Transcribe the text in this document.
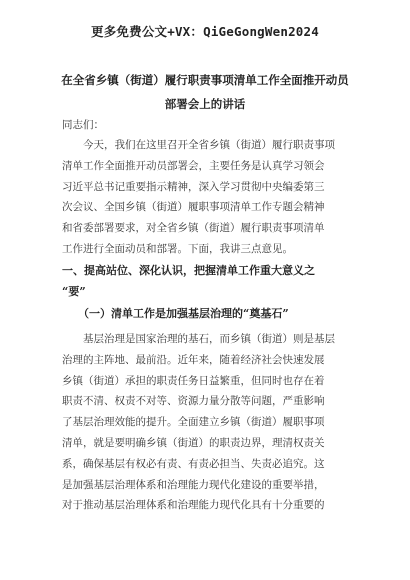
更多免费公文+VX：QiGeGongWen2024
在全省乡镇（街道）履行职责事项清单工作全面推开动员
部署会上的讲话
同志们：
今天，我们在这里召开全省乡镇（街道）履行职责事项
清单工作全面推开动员部署会，主要任务是认真学习领会
习近平总书记重要指示精神，深入学习贯彻中央编委第三
次会议、全国乡镇（街道）履职事项清单工作专题会精神
和省委部署要求，对全省乡镇（街道）履行职责事项清单
工作进行全面动员和部署。下面，我讲三点意见。
一、提高站位、深化认识，把握清单工作重大意义之
“要”
（一）清单工作是加强基层治理的“奠基石”
基层治理是国家治理的基石，而乡镇（街道）则是基层
治理的主阵地、最前沿。近年来，随着经济社会快速发展
乡镇（街道）承担的职责任务日益繁重，但同时也存在着
职责不清、权责不对等、资源力量分散等问题，严重影响
了基层治理效能的提升。全面建立乡镇（街道）履职事项
清单，就是要明确乡镇（街道）的职责边界，理清权责关
系，确保基层有权必有责、有责必担当、失责必追究。这
是加强基层治理体系和治理能力现代化建设的重要举措，
对于推动基层治理体系和治理能力现代化具有十分重要的
